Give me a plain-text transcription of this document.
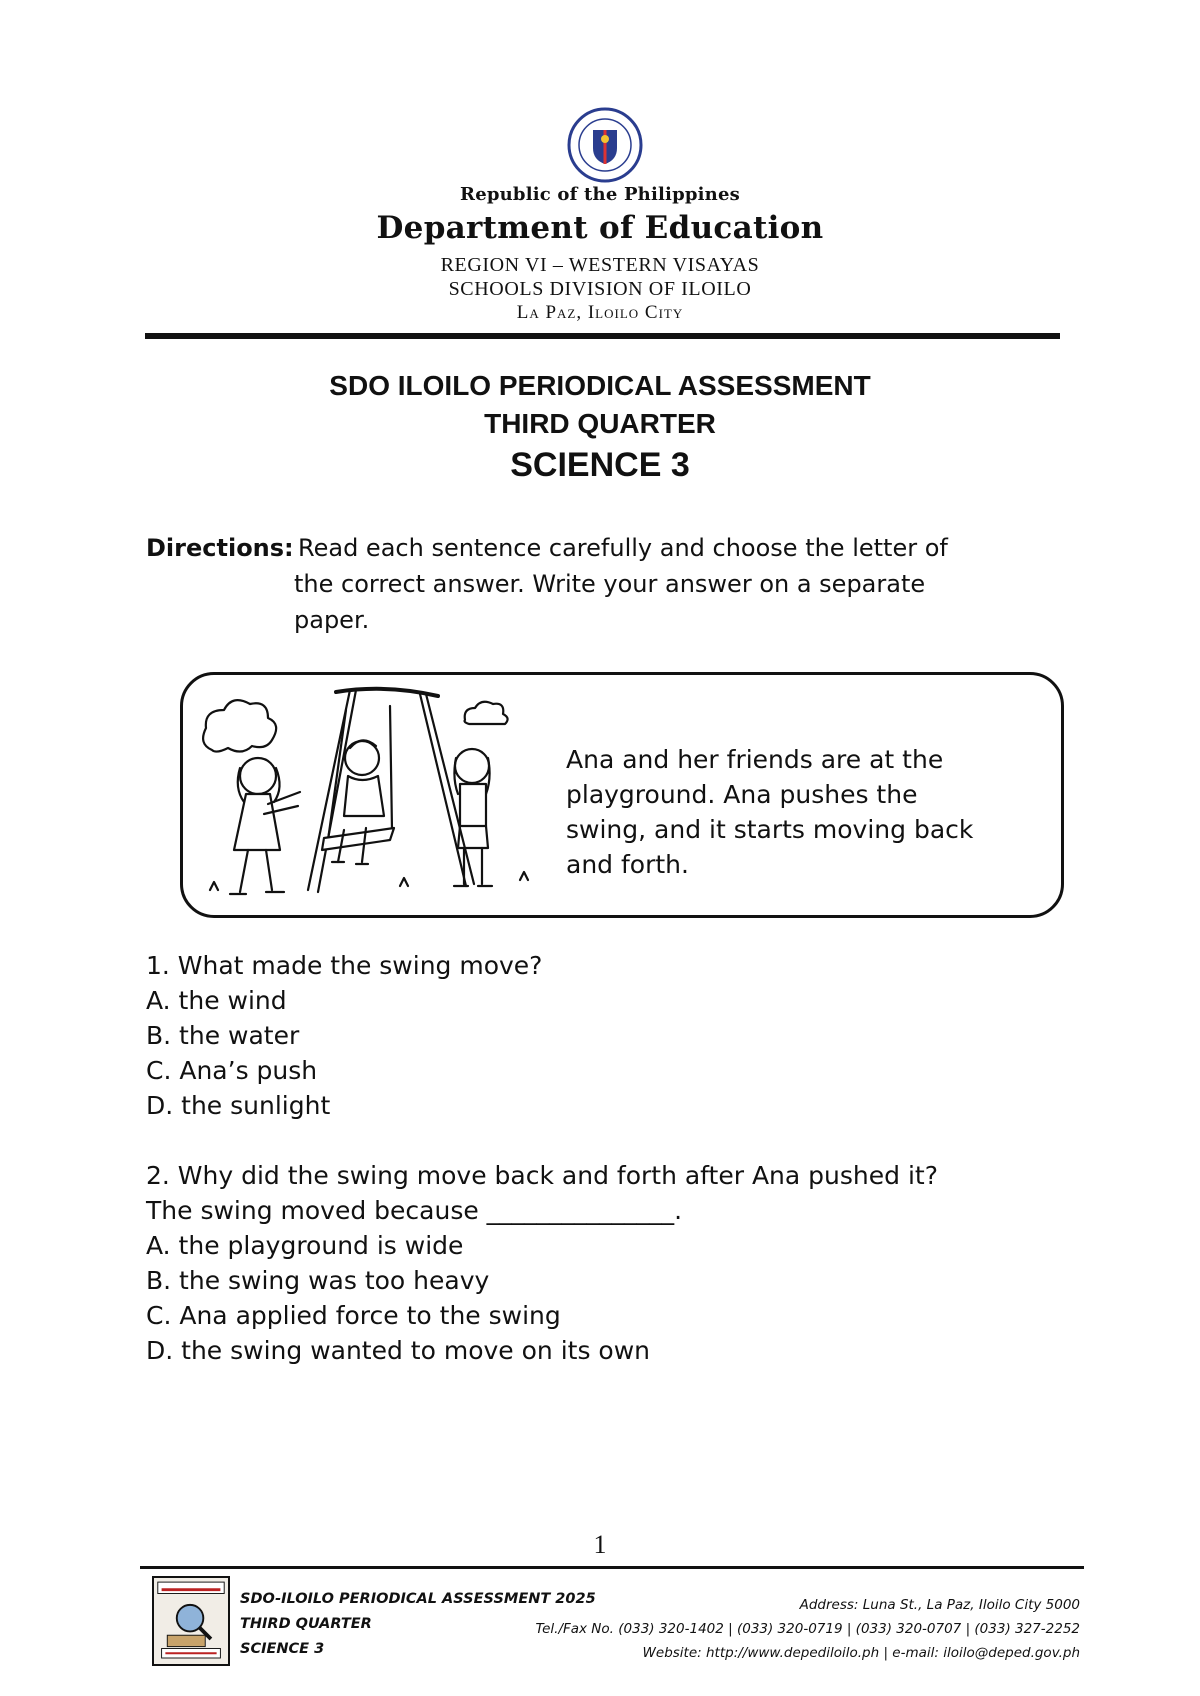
Republic of the Philippines
Department of Education
REGION VI – WESTERN VISAYAS
SCHOOLS DIVISION OF ILOILO
La Paz, Iloilo City
SDO ILOILO PERIODICAL ASSESSMENT
THIRD QUARTER
SCIENCE 3
Directions: Read each sentence carefully and choose the letter of
the correct answer. Write your answer on a separate
paper.
Ana and her friends are at the
playground. Ana pushes the
swing, and it starts moving back
and forth.
1. What made the swing move?
A. the wind
B. the water
C. Ana’s push
D. the sunlight
2. Why did the swing move back and forth after Ana pushed it?
The swing moved because _______________.
A. the playground is wide
B. the swing was too heavy
C. Ana applied force to the swing
D. the swing wanted to move on its own
1
SDO-ILOILO PERIODICAL ASSESSMENT 2025
THIRD QUARTER
SCIENCE 3
Address: Luna St., La Paz, Iloilo City 5000
Tel./Fax No. (033) 320-1402 | (033) 320-0719 | (033) 320-0707 | (033) 327-2252
Website: http://www.depediloilo.ph | e-mail: iloilo@deped.gov.ph
